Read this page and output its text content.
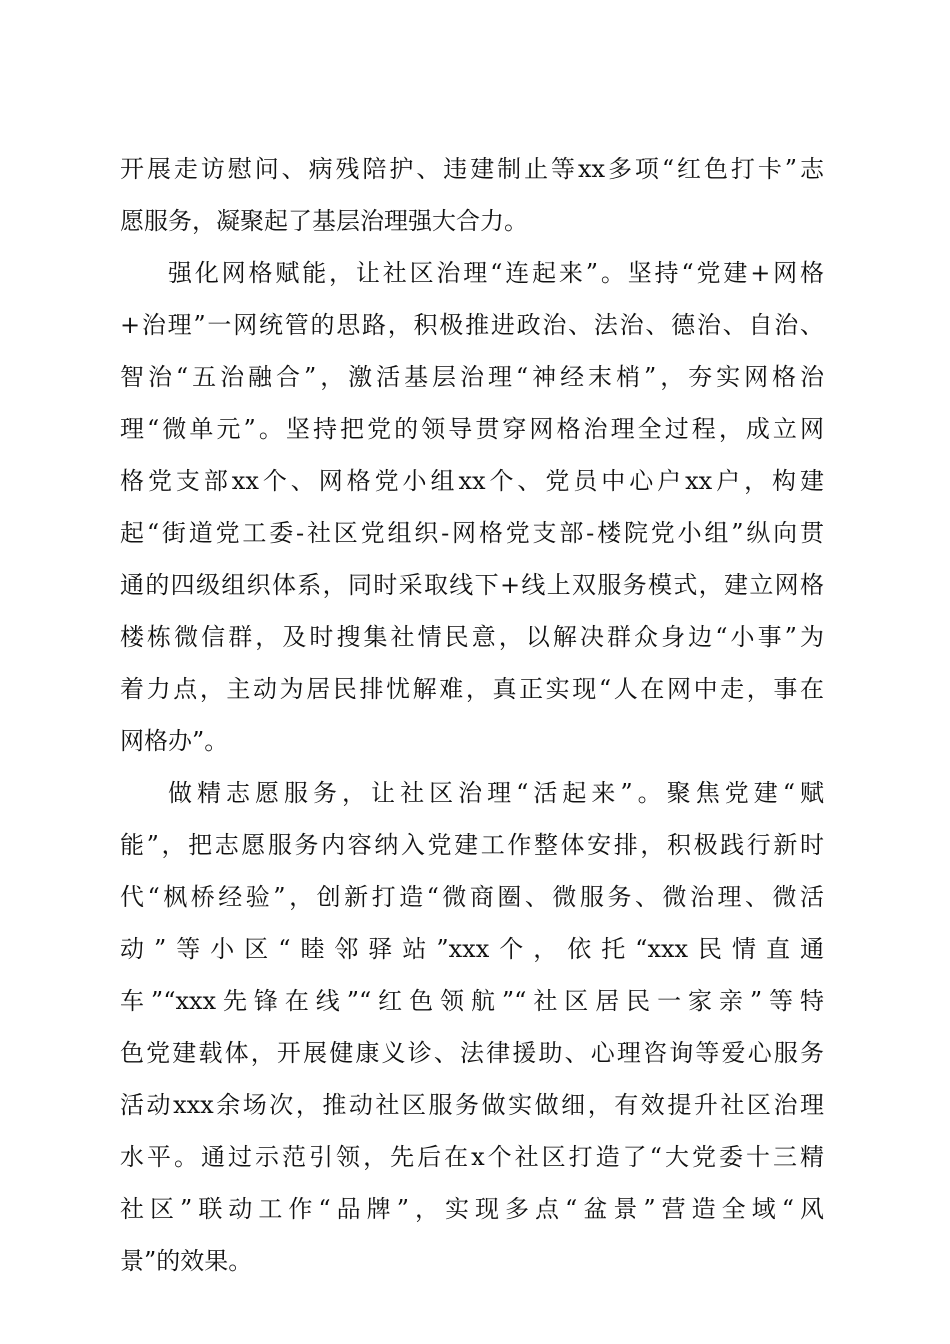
开展走访慰问、病残陪护、违建制止等xx多项“红色打卡”志
愿服务，凝聚起了基层治理强大合力。
强化网格赋能，让社区治理“连起来”。坚持“党建+网格
+治理”一网统管的思路，积极推进政治、法治、德治、自治、
智治“五治融合”，激活基层治理“神经末梢”，夯实网格治
理“微单元”。坚持把党的领导贯穿网格治理全过程，成立网
格党支部xx个、网格党小组xx个、党员中心户xx户，构建
起“街道党工委-社区党组织-网格党支部-楼院党小组”纵向贯
通的四级组织体系，同时采取线下+线上双服务模式，建立网格
楼栋微信群，及时搜集社情民意，以解决群众身边“小事”为
着力点，主动为居民排忧解难，真正实现“人在网中走，事在
网格办”。
做精志愿服务，让社区治理“活起来”。聚焦党建“赋
能”，把志愿服务内容纳入党建工作整体安排，积极践行新时
代“枫桥经验”，创新打造“微商圈、微服务、微治理、微活
动”等小区“睦邻驿站”xxx个，依托“xxx民情直通
车”“xxx先锋在线”“红色领航”“社区居民一家亲”等特
色党建载体，开展健康义诊、法律援助、心理咨询等爱心服务
活动xxx余场次，推动社区服务做实做细，有效提升社区治理
水平。通过示范引领，先后在x个社区打造了“大党委十三精
社区”联动工作“品牌”，实现多点“盆景”营造全域“风
景”的效果。
